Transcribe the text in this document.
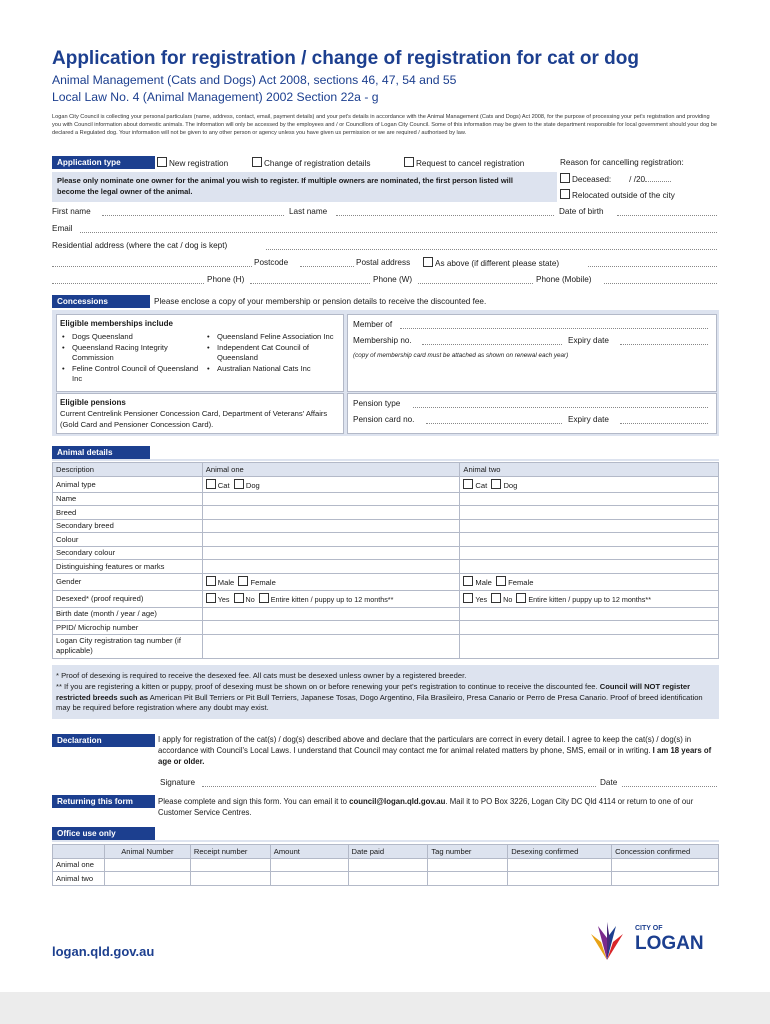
Application for registration / change of registration for cat or dog
Animal Management (Cats and Dogs) Act 2008, sections 46, 47, 54 and 55
Local Law No. 4 (Animal Management) 2002 Section 22a - g
Logan City Council is collecting your personal particulars (name, address, contact, email, payment details) and your pet's details in accordance with the Animal Management (Cats and Dogs) Act 2008, for the purpose of processing your pet's registration and providing you with Council information about domestic animals. The information will only be accessed by the employees and / or Councillors of Logan City Council. Some of this information may be given to the state department responsible for local government should your dog be declared a Regulated dog. Your information will not be given to any other person or agency unless you have given us permission or we are required / authorised by law.
Application type	New registration	Change of registration details	Request to cancel registration	Reason for cancelling registration:
Deceased: / /20
Relocated outside of the city
Please only nominate one owner for the animal you wish to register. If multiple owners are nominated, the first person listed will become the legal owner of the animal.
First name	Last name	Date of birth
Email
Residential address (where the cat / dog is kept)
Postcode	Postal address	As above (if different please state)
Phone (H)	Phone (W)	Phone (Mobile)
Concessions	Please enclose a copy of your membership or pension details to receive the discounted fee.
Eligible memberships include
• Dogs Queensland
• Queensland Racing Integrity Commission
• Feline Control Council of Queensland Inc
• Queensland Feline Association Inc
• Independent Cat Council of Queensland
• Australian National Cats Inc
Member of
Membership no.	Expiry date
(copy of membership card must be attached as shown on renewal each year)
Eligible pensions
Current Centrelink Pensioner Concession Card, Department of Veterans' Affairs (Gold Card and Pensioner Concession Card).
Pension type
Pension card no.	Expiry date
Animal details
Description	Animal one	Animal two
Animal type	Cat Dog	Cat Dog
Name		
Breed		
Secondary breed		
Colour		
Secondary colour		
Distinguishing features or marks		
Gender	Male Female	Male Female
Desexed* (proof required)	Yes No Entire kitten / puppy up to 12 months**	Yes No Entire kitten / puppy up to 12 months**
Birth date (month / year / age)		
PPID/ Microchip number		
Logan City registration tag number (if applicable)		
* Proof of desexing is required to receive the desexed fee. All cats must be desexed unless owner by a registered breeder.
** If you are registering a kitten or puppy, proof of desexing must be shown on or before renewing your pet's registration to continue to receive the discounted fee. Council will NOT register restricted breeds such as American Pit Bull Terriers or Pit Bull Terriers, Japanese Tosas, Dogo Argentino, Fila Brasileiro, Presa Canario or Perro de Presa Canario. Proof of breed identification may be required before registration where any doubt may exist.
Declaration	I apply for registration of the cat(s) / dog(s) described above and declare that the particulars are correct in every detail. I agree to keep the cat(s) / dog(s) in accordance with Council's Local Laws. I understand that Council may contact me for animal related matters by phone, SMS, email or in writing. I am 18 years of age or older.
Signature	Date
Returning this form	Please complete and sign this form. You can email it to council@logan.qld.gov.au. Mail it to PO Box 3226, Logan City DC Qld 4114 or return to one of our Customer Service Centres.
Office use only
	Animal Number	Receipt number	Amount	Date paid	Tag number	Desexing confirmed	Concession confirmed
Animal one							
Animal two							
logan.qld.gov.au
CITY OF
LOGAN
